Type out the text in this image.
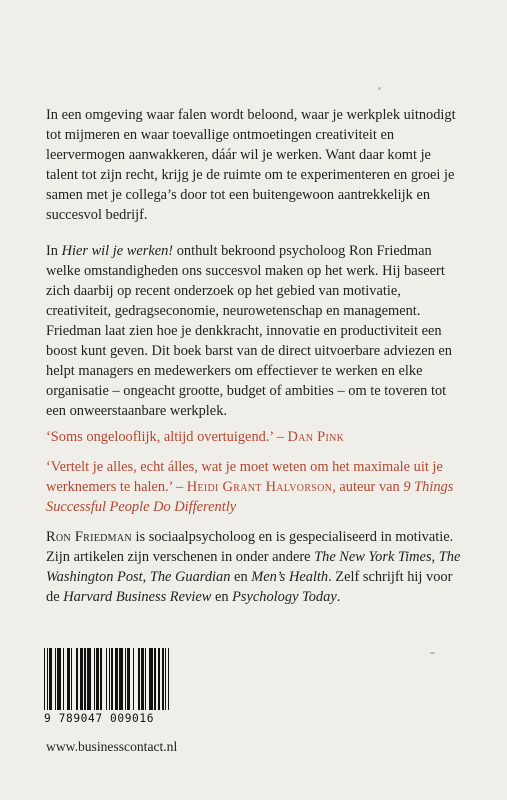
In een omgeving waar falen wordt beloond, waar je werkplek uitnodigt tot mijmeren en waar toevallige ontmoetingen creativiteit en leervermogen aanwakkeren, dáár wil je werken. Want daar komt je talent tot zijn recht, krijg je de ruimte om te experimenteren en groei je samen met je collega’s door tot een buitengewoon aantrekkelijk en succesvol bedrijf.

In Hier wil je werken! onthult bekroond psycholoog Ron Friedman welke omstandigheden ons succesvol maken op het werk. Hij baseert zich daarbij op recent onderzoek op het gebied van motivatie, creativiteit, gedragseconomie, neurowetenschap en management. Friedman laat zien hoe je denkkracht, innovatie en productiviteit een boost kunt geven. Dit boek barst van de direct uitvoerbare adviezen en helpt managers en medewerkers om effectiever te werken en elke organisatie – ongeacht grootte, budget of ambities – om te toveren tot een onweerstaanbare werkplek.

‘Soms ongelooflijk, altijd overtuigend.’ – Dan Pink

‘Vertelt je alles, echt álles, wat je moet weten om het maximale uit je werknemers te halen.’ – Heidi Grant Halvorson, auteur van 9 Things Successful People Do Differently

Ron Friedman is sociaalpsycholoog en is gespecialiseerd in motivatie. Zijn artikelen zijn verschenen in onder andere The New York Times, The Washington Post, The Guardian en Men’s Health. Zelf schrijft hij voor de Harvard Business Review en Psychology Today.

9 789047 009016
www.businesscontact.nl
